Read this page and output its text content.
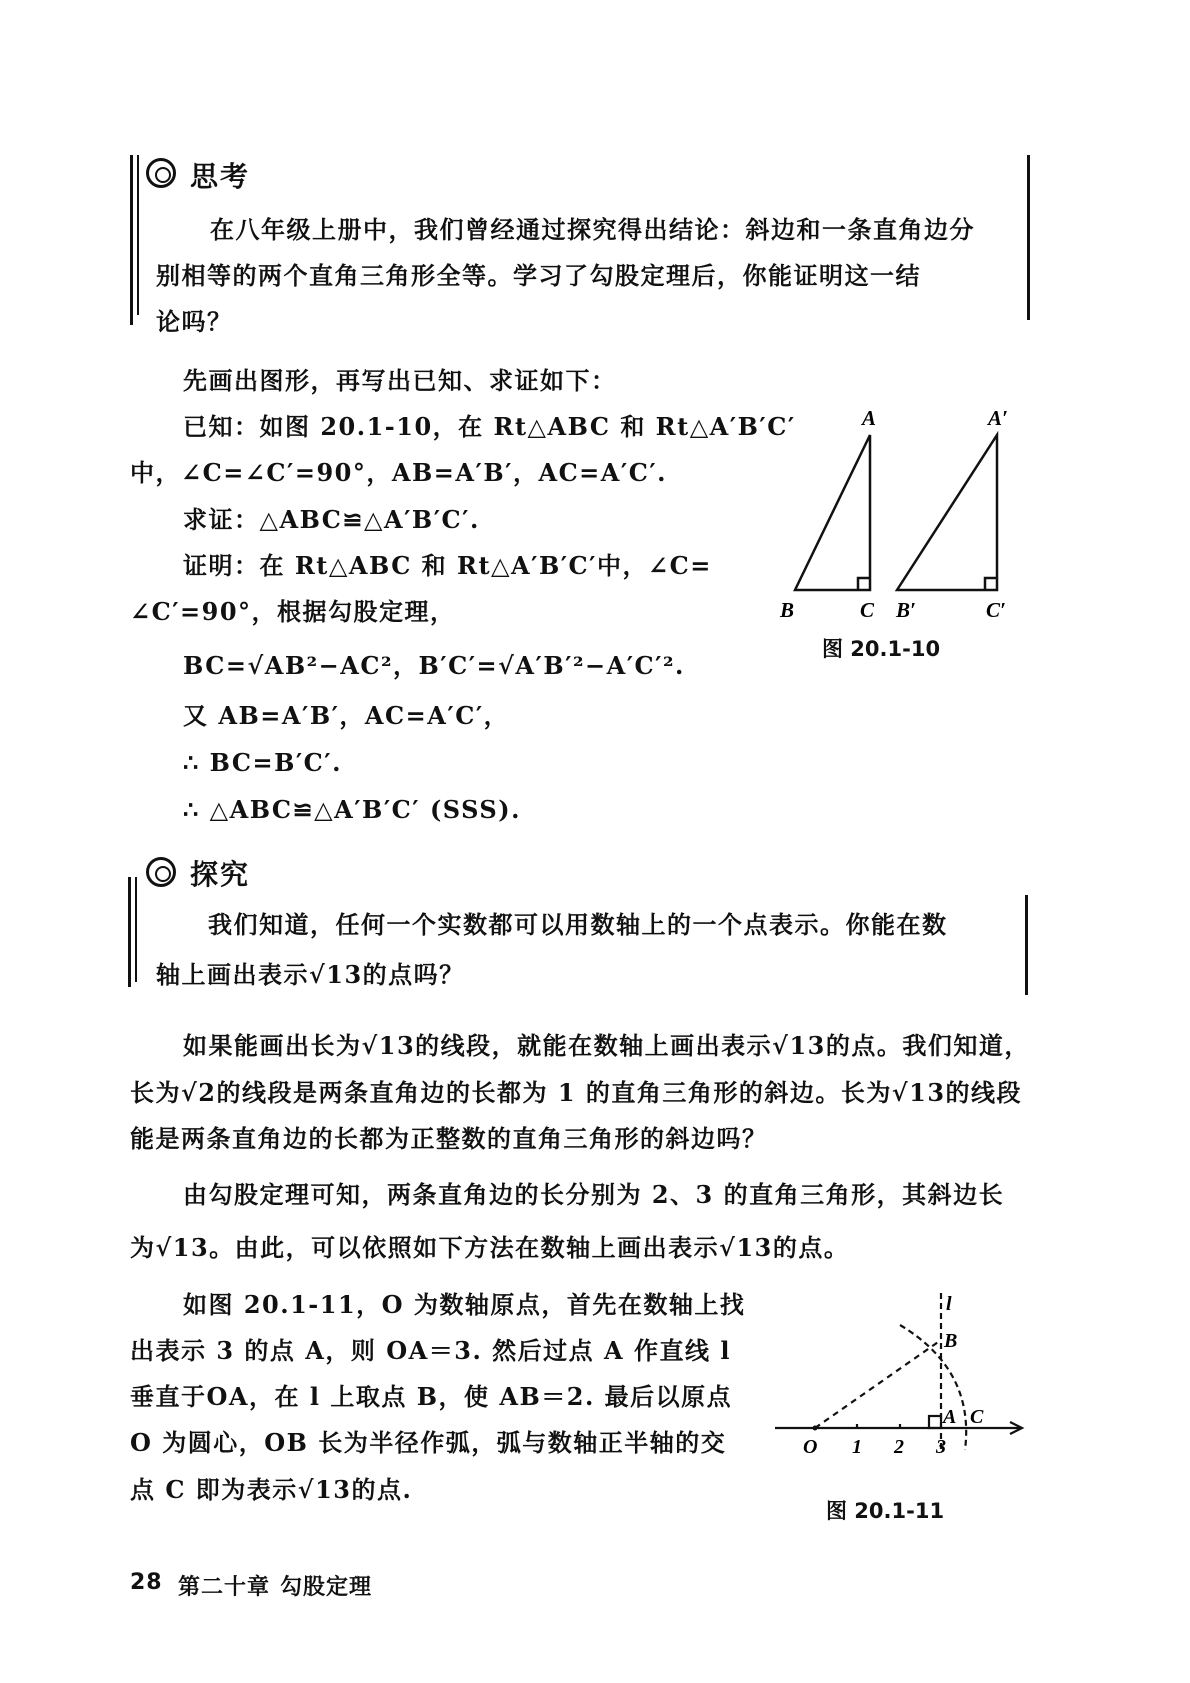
思考

在八年级上册中，我们曾经通过探究得出结论：斜边和一条直角边分

别相等的两个直角三角形全等。学习了勾股定理后，你能证明这一结

论吗？

先画出图形，再写出已知、求证如下：

已知：如图 20.1-10，在 Rt△ABC 和 Rt△A′B′C′

中，∠C=∠C′=90°，AB=A′B′，AC=A′C′.

求证：△ABC≌△A′B′C′.

证明：在 Rt△ABC 和 Rt△A′B′C′中，∠C=

∠C′=90°，根据勾股定理，

BC=√AB²−AC²，B′C′=√A′B′²−A′C′².

又 AB=A′B′，AC=A′C′，

∴ BC=B′C′.

∴ △ABC≌△A′B′C′ (SSS).

A
B	C
A′
B′	C′
图 20.1-10
探究

我们知道，任何一个实数都可以用数轴上的一个点表示。你能在数

轴上画出表示√13的点吗？

如果能画出长为√13的线段，就能在数轴上画出表示√13的点。我们知道，

长为√2的线段是两条直角边的长都为 1 的直角三角形的斜边。长为√13的线段

能是两条直角边的长都为正整数的直角三角形的斜边吗？

由勾股定理可知，两条直角边的长分别为 2、3 的直角三角形，其斜边长

为√13。由此，可以依照如下方法在数轴上画出表示√13的点。

如图 20.1-11，O 为数轴原点，首先在数轴上找

出表示 3 的点 A，则 OA＝3. 然后过点 A 作直线 l

垂直于OA，在 l 上取点 B，使 AB＝2. 最后以原点

O 为圆心，OB 长为半径作弧，弧与数轴正半轴的交

点 C 即为表示√13的点.

l
B
A C
O 1 2 3
图 20.1-11
28 第二十章 勾股定理
